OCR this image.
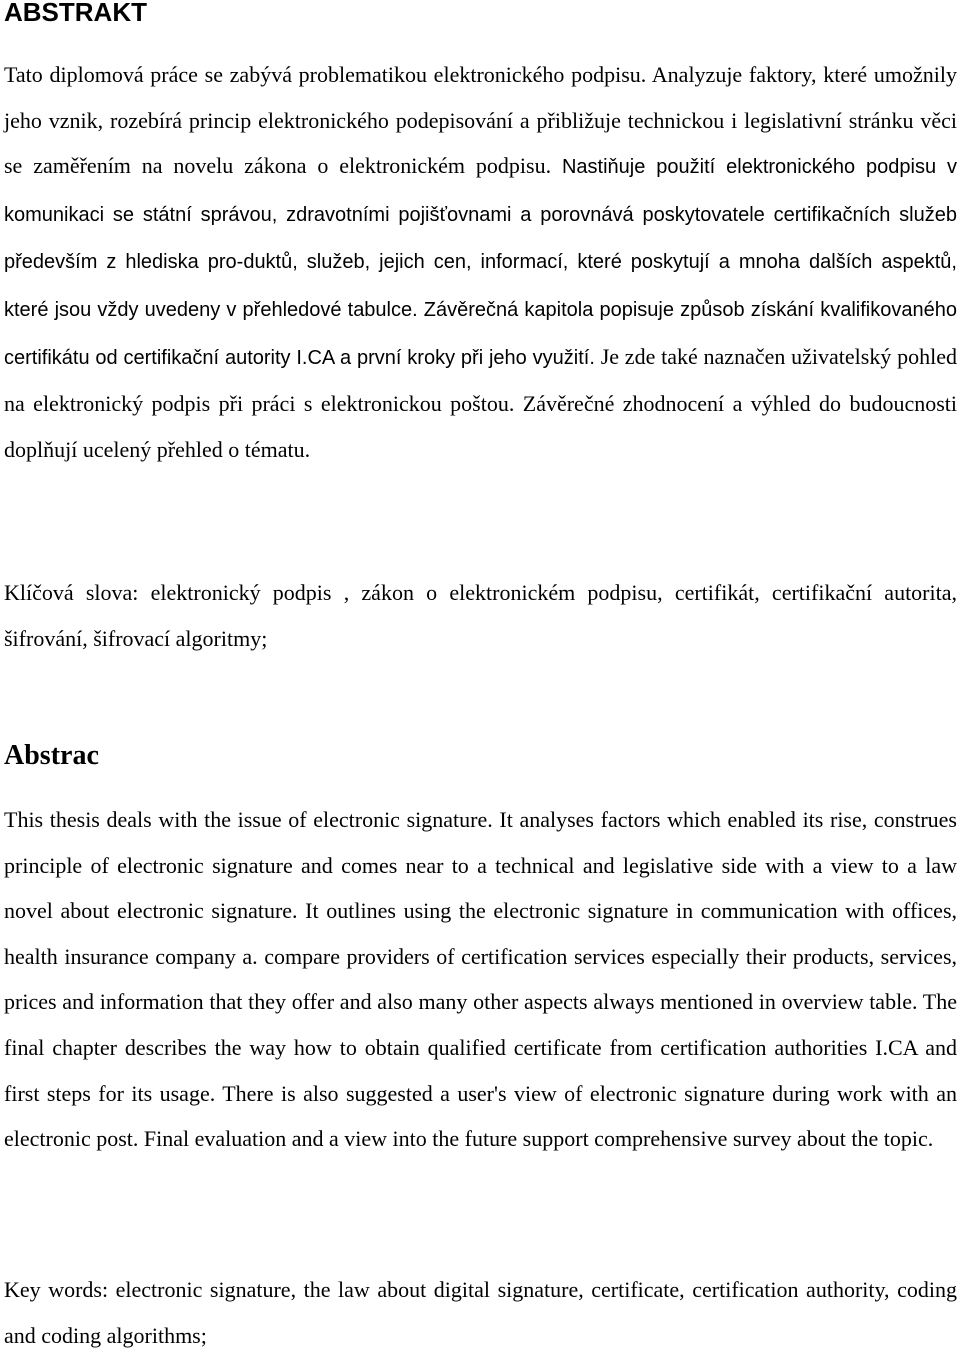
ABSTRAKT

Tato diplomová práce se zabývá problematikou elektronického podpisu. Analyzuje faktory, které umožnily jeho vznik, rozebírá princip elektronického podepisování a přibližuje technickou i legislativní stránku věci se zaměřením na novelu zákona o elektronickém podpisu. Nastiňuje použití elektronického podpisu v komunikaci se státní správou, zdravotními pojišťovnami a porovnává poskytovatele certifikačních služeb především z hlediska pro-duktů, služeb, jejich cen, informací, které poskytují a mnoha dalších aspektů, které jsou vždy uvedeny v přehledové tabulce. Závěrečná kapitola popisuje způsob získání kvalifikovaného certifikátu od certifikační autority I.CA a první kroky při jeho využití. Je zde také naznačen uživatelský pohled na elektronický podpis při práci s elektronickou poštou. Závěrečné zhodnocení a výhled do budoucnosti doplňují ucelený přehled o tématu.

Klíčová slova: elektronický podpis , zákon o elektronickém podpisu, certifikát, certifikační autorita, šifrování, šifrovací algoritmy;

Abstrac

This thesis deals with the issue of electronic signature. It analyses factors which enabled its rise, construes principle of electronic signature and comes near to a technical and legislative side with a view to a law novel about electronic signature. It outlines using the electronic signature in communication with offices, health insurance company a. compare providers of certification services especially their products, services, prices and information that they offer and also many other aspects always mentioned in overview table. The final chapter describes the way how to obtain qualified certificate from certification authorities I.CA and first steps for its usage. There is also suggested a user's view of electronic signature during work with an electronic post. Final evaluation and a view into the future support comprehensive survey about the topic.

Key words: electronic signature, the law about digital signature, certificate, certification authority, coding and coding algorithms;
